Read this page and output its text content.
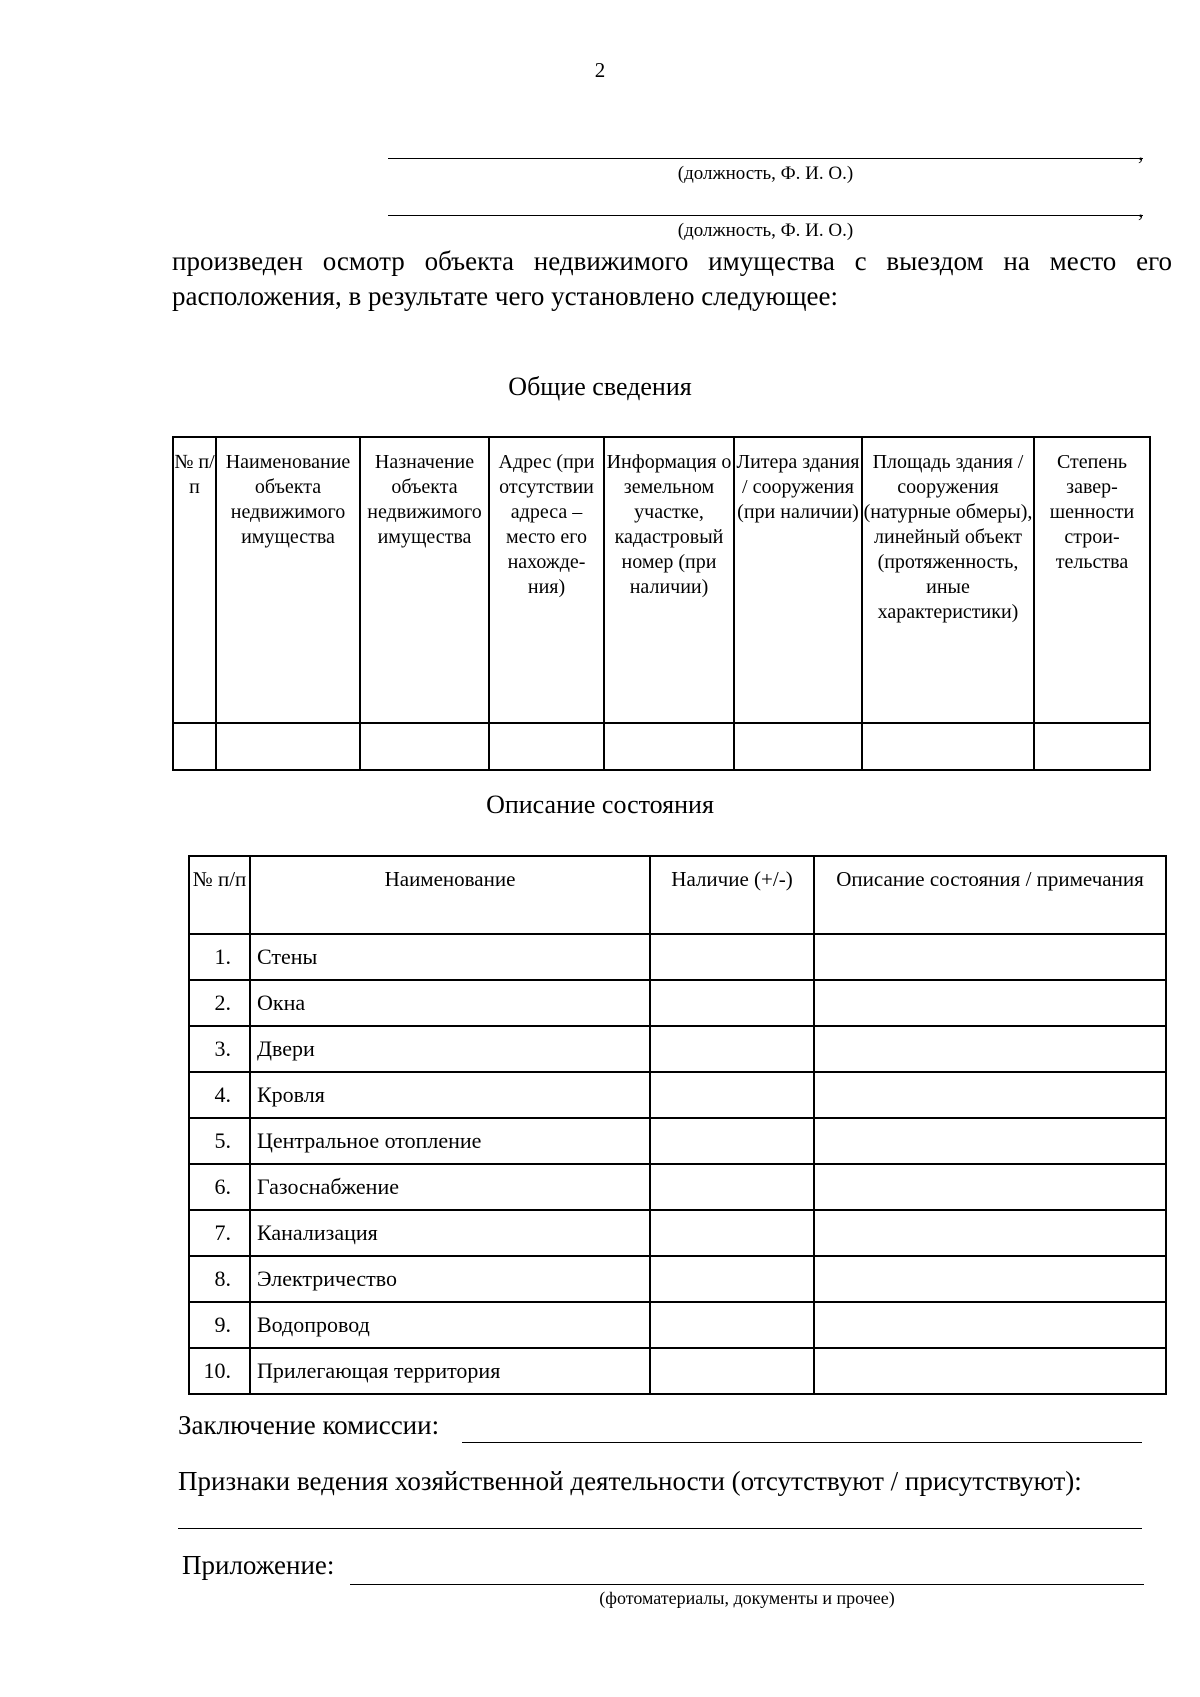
2
,
(должность, Ф. И. О.)
,
(должность, Ф. И. О.)
произведен осмотр объекта недвижимого имущества с выездом на место его расположения, в результате чего установлено следующее:
Общие сведения
№ п/п	Наименование объекта недвижимого имущества	Назначение объекта недвижимого имущества	Адрес (при отсутствии адреса – место его нахожде-ния)	Информация о земельном участке, кадастровый номер (при наличии)	Литера здания / сооружения (при наличии)	Площадь здания / сооружения (натурные обмеры), линейный объект (протяженность, иные характеристики)	Степень завер-шенности строи-тельства

Описание состояния
№ п/п	Наименование	Наличие (+/-)	Описание состояния / примечания
1.	Стены		
2.	Окна		
3.	Двери		
4.	Кровля		
5.	Центральное отопление		
6.	Газоснабжение		
7.	Канализация		
8.	Электричество		
9.	Водопровод		
10.	Прилегающая территория		
Заключение комиссии:
Признаки ведения хозяйственной деятельности (отсутствуют / присутствуют):
Приложение:
(фотоматериалы, документы и прочее)
